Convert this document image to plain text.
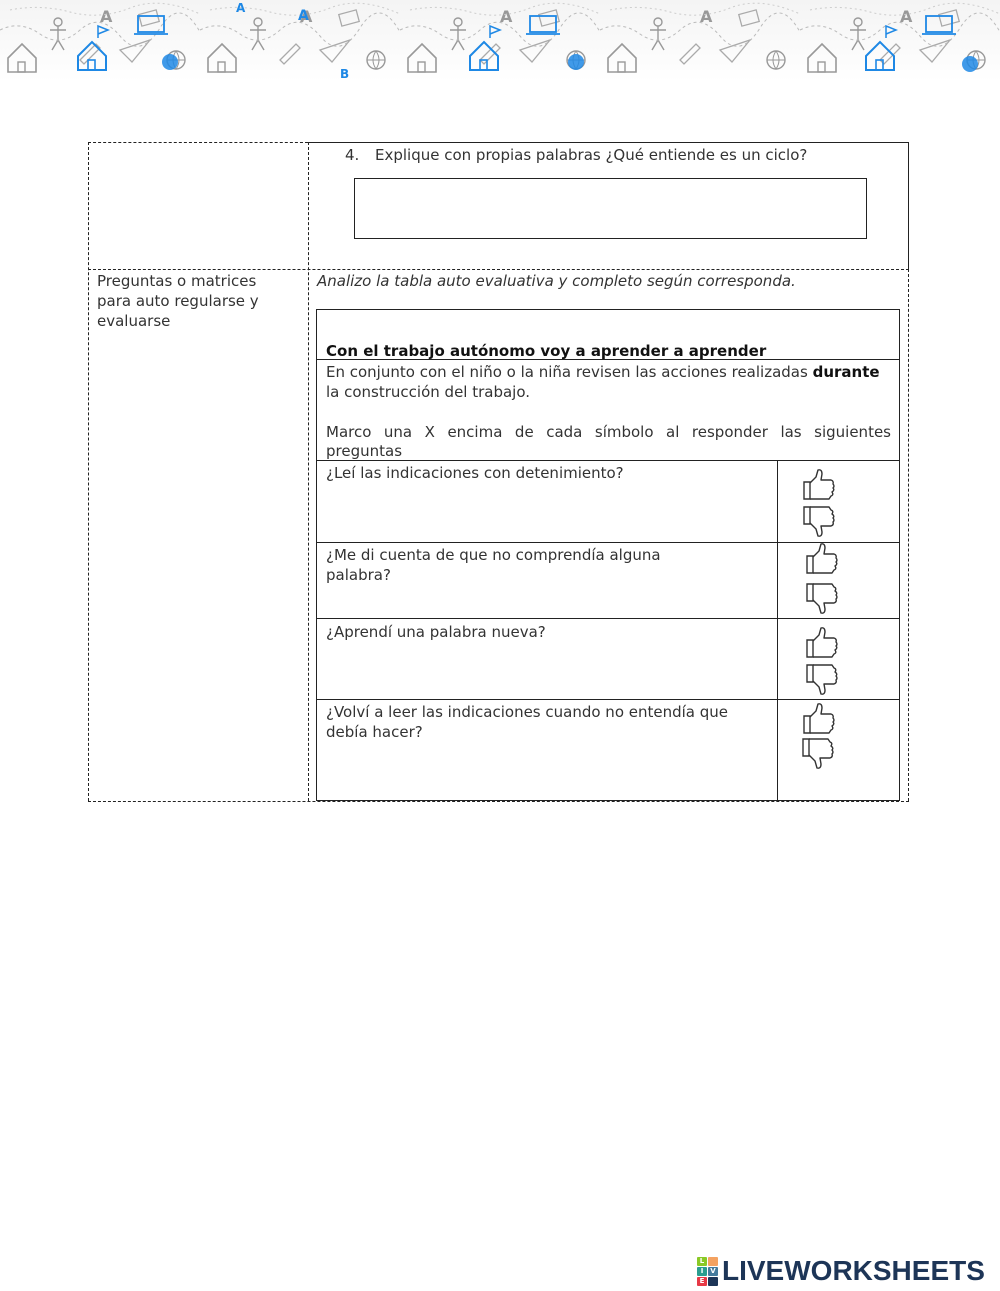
A
B
A
4. Explique con propias palabras ¿Qué entiende es un ciclo?
Preguntas o matrices
para auto regularse y
evaluarse
Analizo la tabla auto evaluativa y completo según corresponda.
Con el trabajo autónomo voy a aprender a aprender
En conjunto con el niño o la niña revisen las acciones realizadas durante
la construcción del trabajo.
Marco una X encima de cada símbolo al responder las siguientes
preguntas
¿Leí las indicaciones con detenimiento?
¿Me di cuenta de que no comprendía alguna
palabra?
¿Aprendí una palabra nueva?
¿Volví a leer las indicaciones cuando no entendía que
debía hacer?
L
I V
E LIVEWORKSHEETS
